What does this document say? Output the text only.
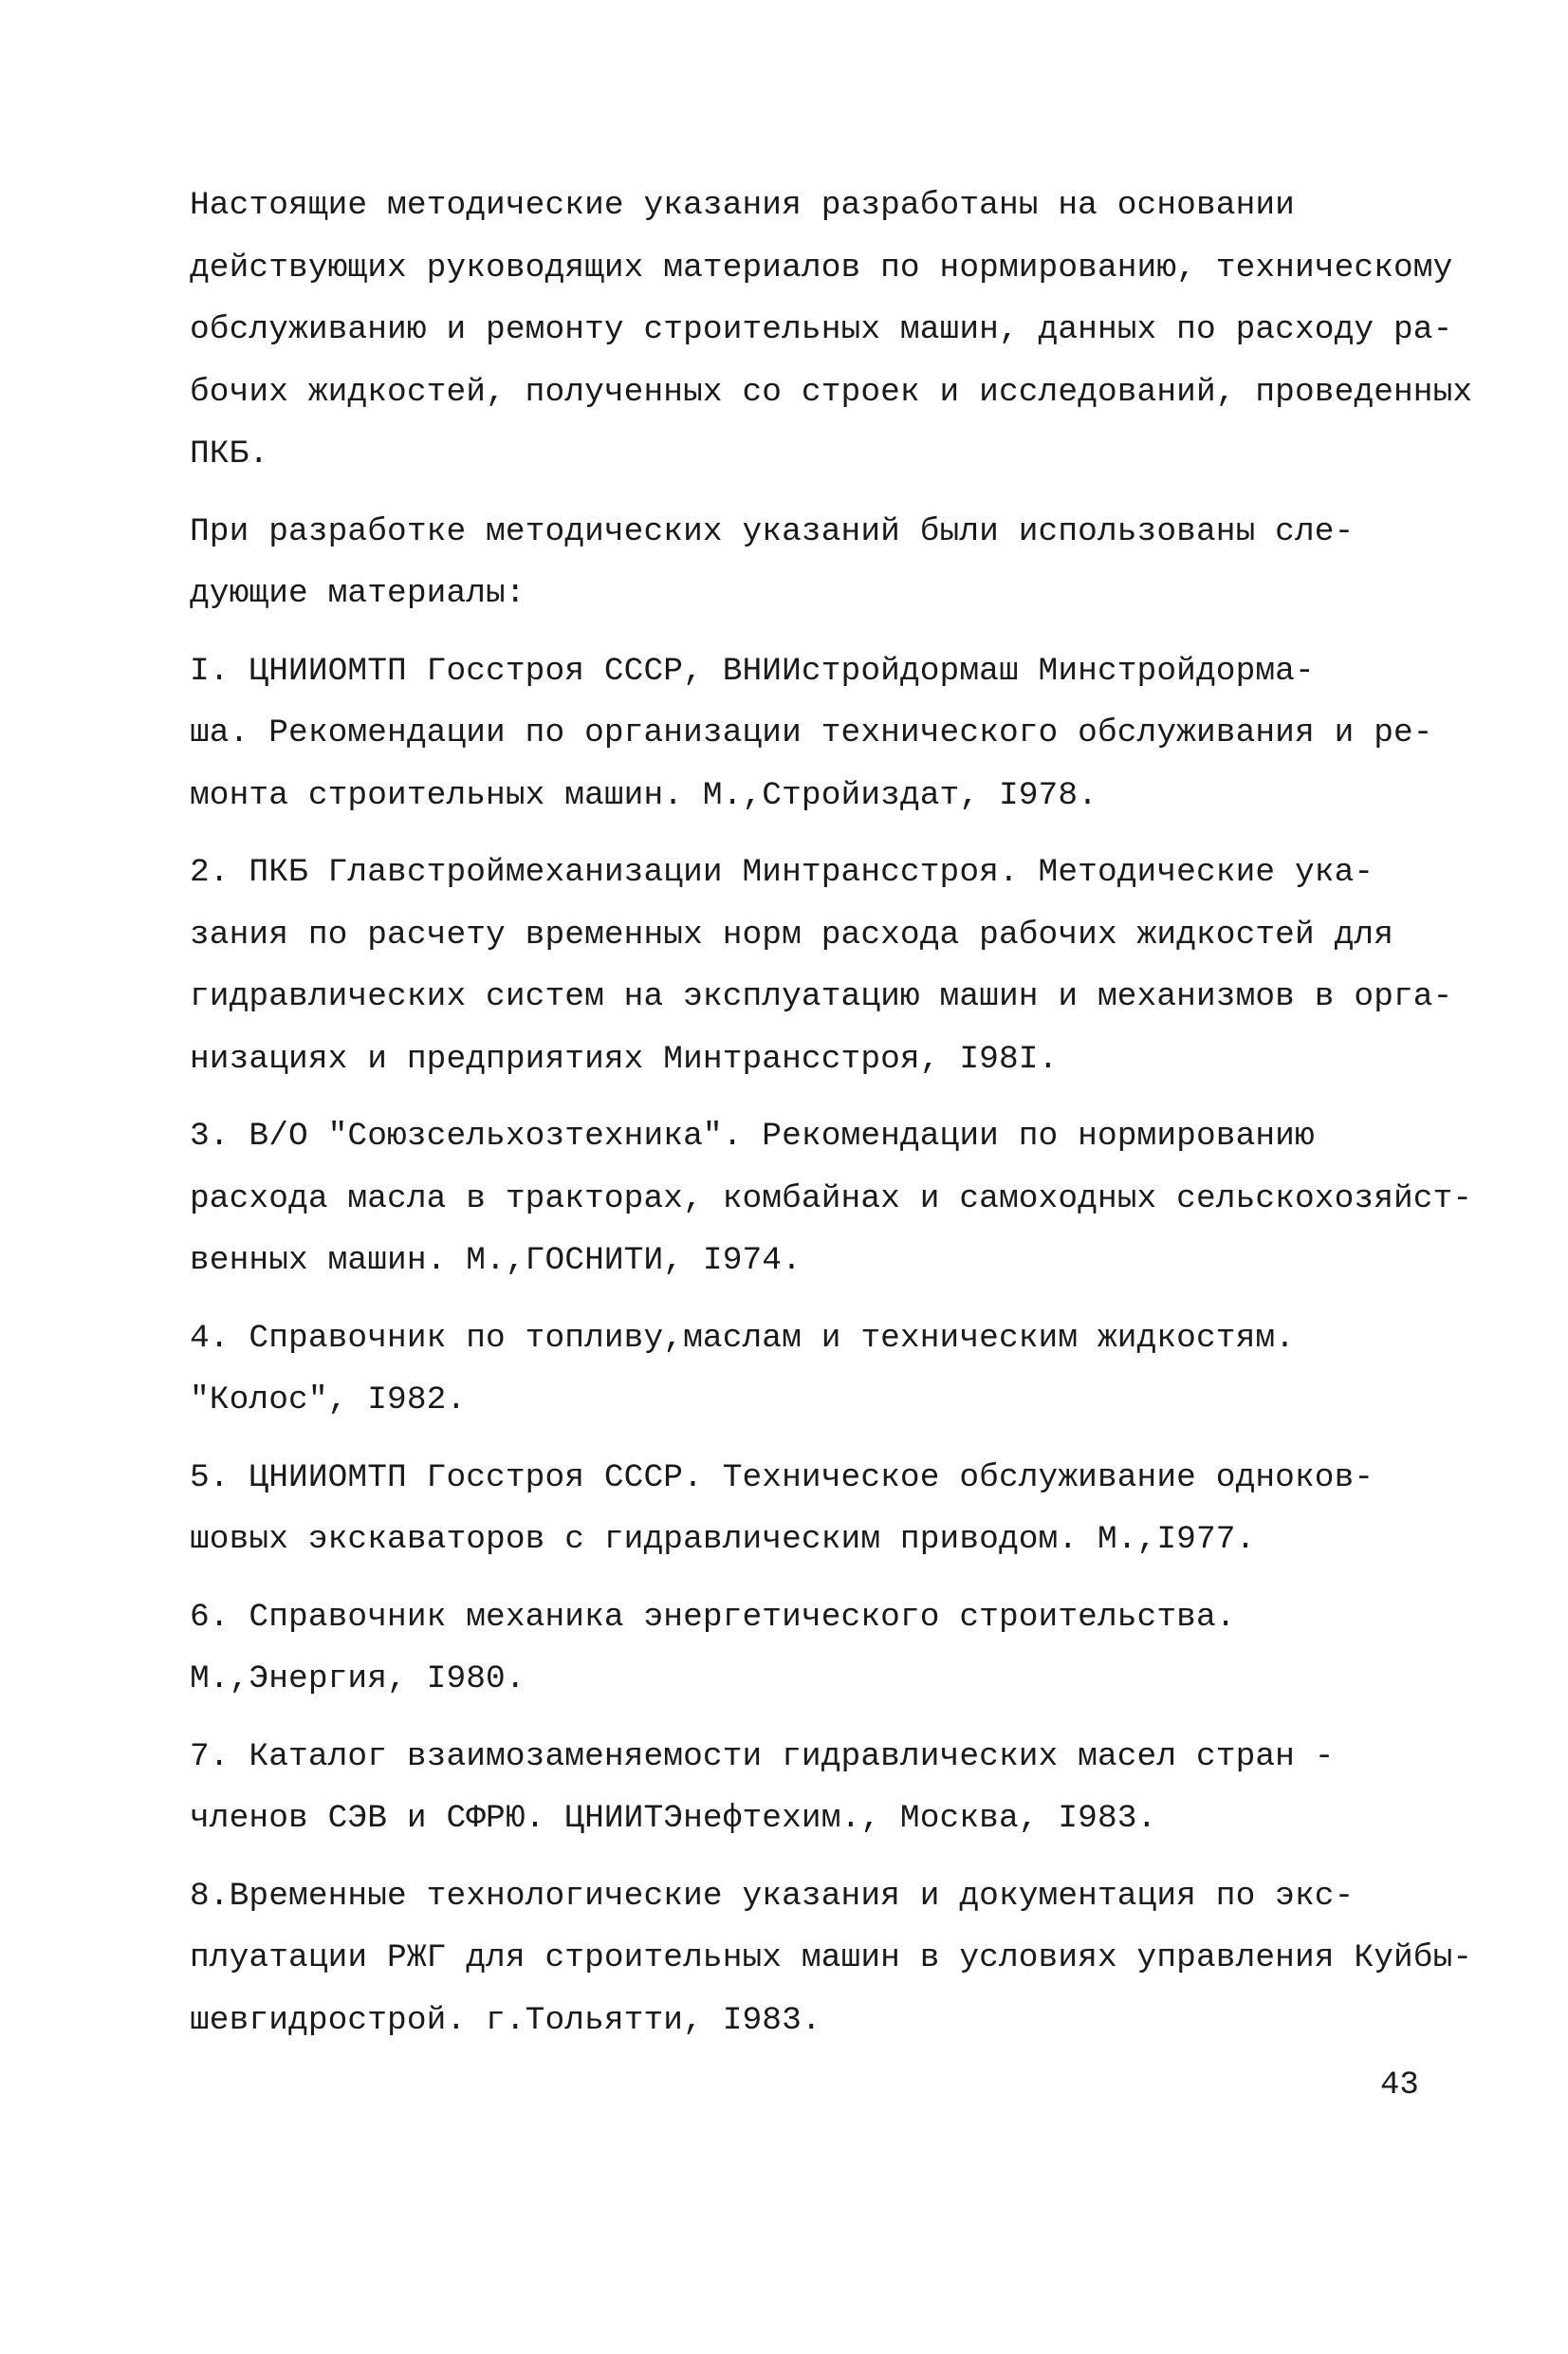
Настоящие методические указания разработаны на основании
действующих руководящих материалов по нормированию, техническому
обслуживанию и ремонту строительных машин, данных по расходу ра-
бочих жидкостей, полученных со строек и исследований, проведенных
ПКБ.
При разработке методических указаний были использованы сле-
дующие материалы:
I. ЦНИИОМТП Госстроя СССР, ВНИИстройдормаш Минстройдорма-
ша. Рекомендации по организации технического обслуживания и ре-
монта строительных машин. М.,Стройиздат, I978.
2. ПКБ Главстроймеханизации Минтрансстроя. Методические ука-
зания по расчету временных норм расхода рабочих жидкостей для
гидравлических систем на эксплуатацию машин и механизмов в орга-
низациях и предприятиях Минтрансстроя, I98I.
3. В/О "Союзсельхозтехника". Рекомендации по нормированию
расхода масла в тракторах, комбайнах и самоходных сельскохозяйст-
венных машин. М.,ГОСНИТИ, I974.
4. Справочник по топливу,маслам и техническим жидкостям.
"Колос", I982.
5. ЦНИИОМТП Госстроя СССР. Техническое обслуживание одноков-
шовых экскаваторов с гидравлическим приводом. М.,I977.
6. Справочник механика энергетического строительства.
М.,Энергия, I980.
7. Каталог взаимозаменяемости гидравлических масел стран -
членов СЭВ и СФРЮ. ЦНИИТЭнефтехим., Москва, I983.
8.Временные технологические указания и документация по экс-
плуатации РЖГ для строительных машин в условиях управления Куйбы-
шевгидрострой. г.Тольятти, I983.
43
